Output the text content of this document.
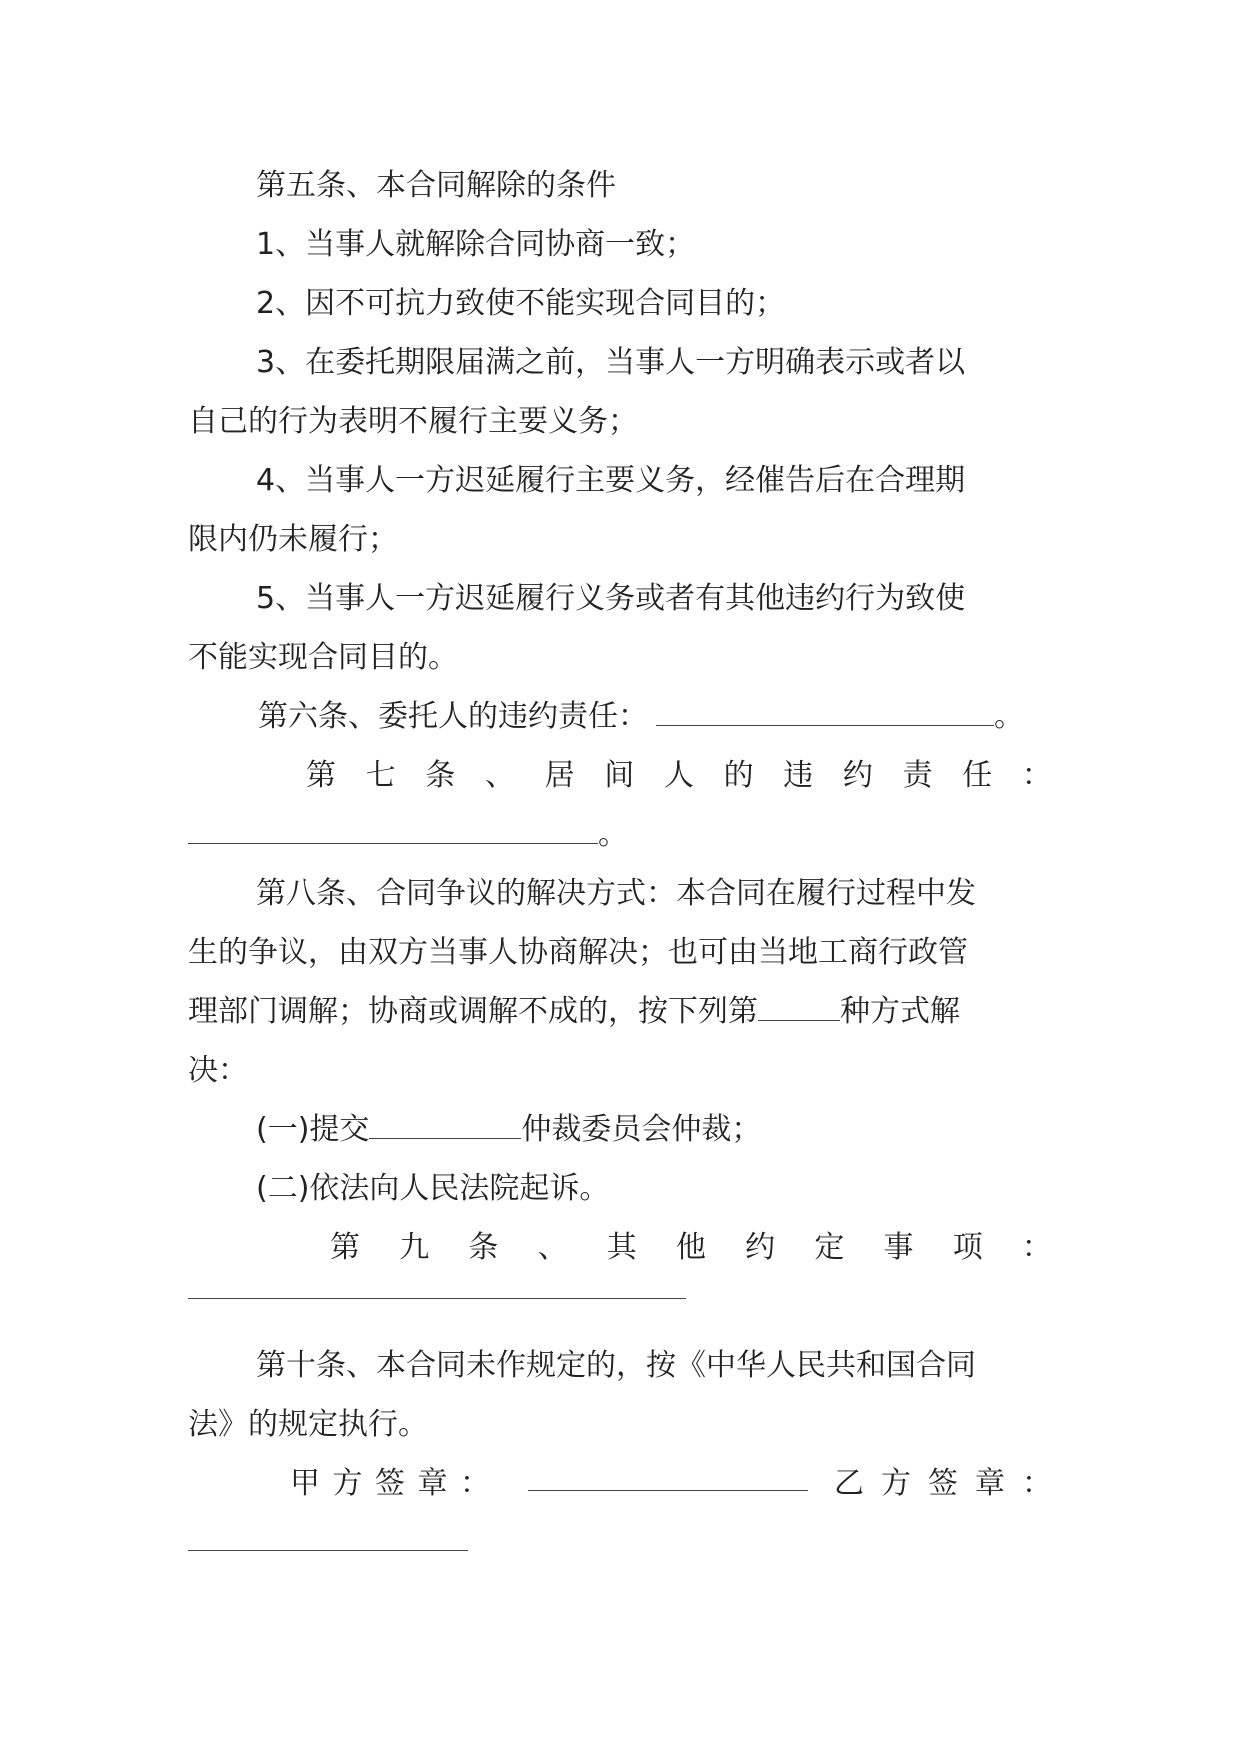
第五条、本合同解除的条件
1、当事人就解除合同协商一致；
2、因不可抗力致使不能实现合同目的；
3、在委托期限届满之前，当事人一方明确表示或者以
自己的行为表明不履行主要义务；
4、当事人一方迟延履行主要义务，经催告后在合理期
限内仍未履行；
5、当事人一方迟延履行义务或者有其他违约行为致使
不能实现合同目的。
第六条、委托人的违约责任：	。
第 七 条 、 居 间 人 的 违 约 责 任 ：
。
第八条、合同争议的解决方式：本合同在履行过程中发
生的争议，由双方当事人协商解决；也可由当地工商行政管
理部门调解；协商或调解不成的，按下列第	种方式解
决：
(一)提交	仲裁委员会仲裁；
(二)依法向人民法院起诉。
第 九 条 、 其 他 约 定 事 项 ：
第十条、本合同未作规定的，按《中华人民共和国合同
法》的规定执行。
甲 方 签 章 ：	乙 方 签 章 ：
